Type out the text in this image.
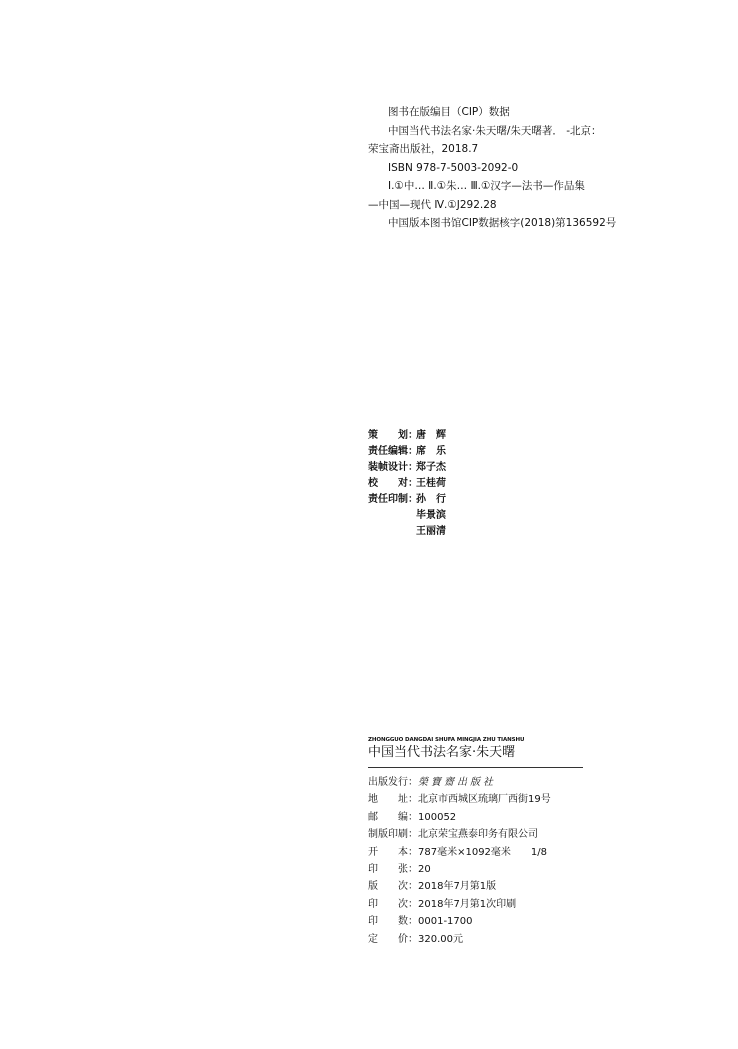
图书在版编目（CIP）数据
中国当代书法名家·朱天曙/朱天曙著． -北京：
荣宝斋出版社，2018.7
ISBN 978-7-5003-2092-0
Ⅰ.①中… Ⅱ.①朱… Ⅲ.①汉字—法书—作品集
—中国—现代 Ⅳ.①J292.28
中国版本图书馆CIP数据核字(2018)第136592号
策　　划：
唐　辉
责任编辑：
席　乐
装帧设计：
郑子杰
校　　对：
王桂荷
责任印制：
孙　行
毕景滨
王丽清
ZHONGGUO DANGDAI SHUFA MINGJIA ZHU TIANSHU
中国当代书法名家·朱天曙
出版发行： 榮寶齋出版社
地　　址： 北京市西城区琉璃厂西街19号
邮　　编： 100052
制版印刷： 北京荣宝燕泰印务有限公司
开　　本： 787毫米×1092毫米　　1/8
印　　张： 20
版　　次： 2018年7月第1版
印　　次： 2018年7月第1次印刷
印　　数： 0001-1700
定　　价： 320.00元
